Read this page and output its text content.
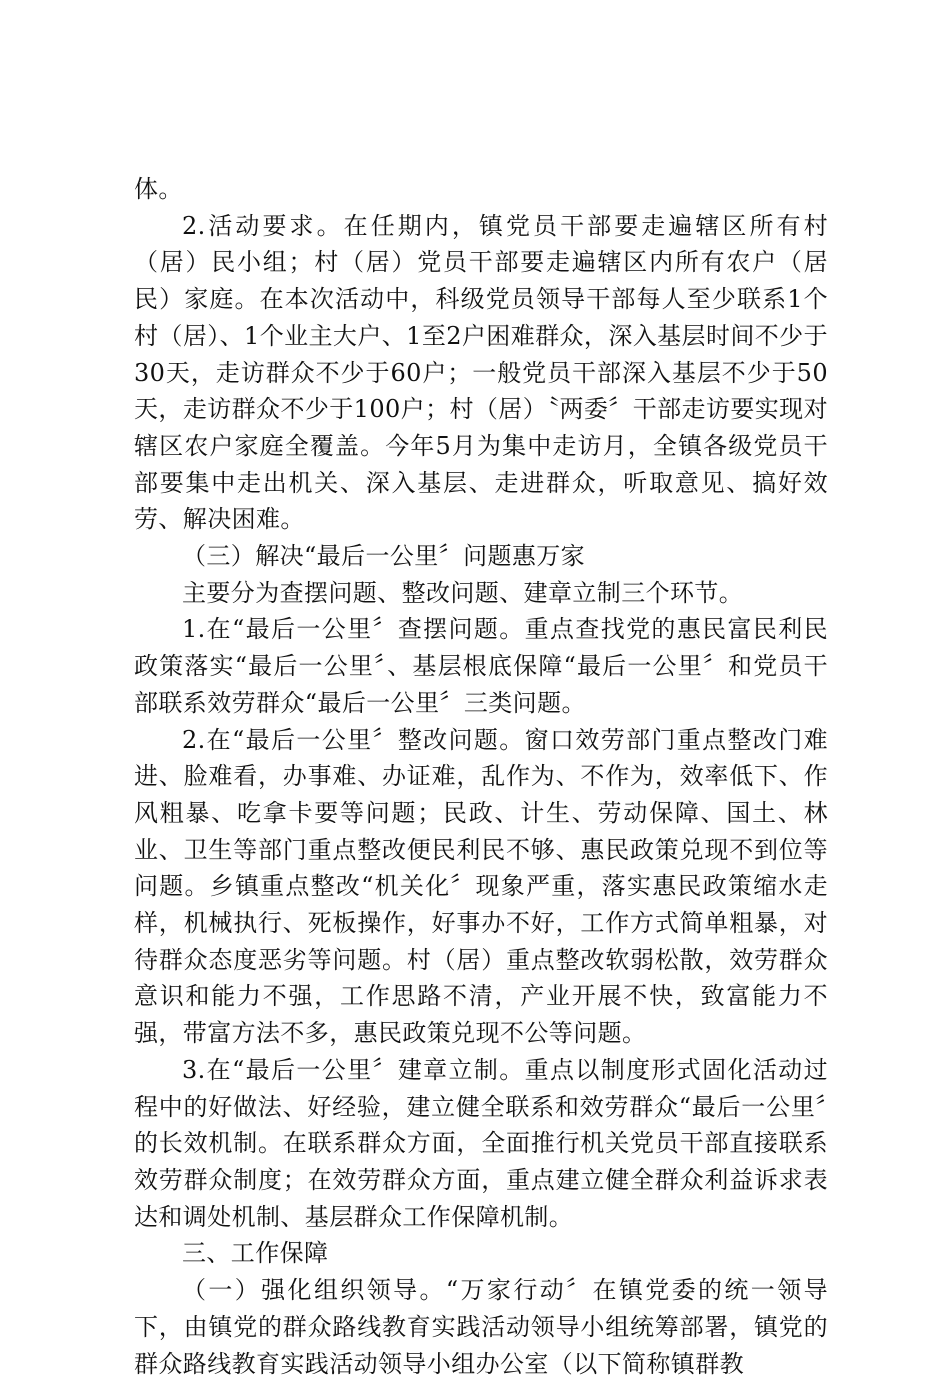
体。

2.活动要求。在任期内，镇党员干部要走遍辖区所有村（居）民小组；村（居）党员干部要走遍辖区内所有农户（居民）家庭。在本次活动中，科级党员领导干部每人至少联系1个村（居）、1个业主大户、1至2户困难群众，深入基层时间不少于30天，走访群众不少于60户；一般党员干部深入基层不少于50天，走访群众不少于100户；村（居）〝两委〞干部走访要实现对辖区农户家庭全覆盖。今年5月为集中走访月，全镇各级党员干部要集中走出机关、深入基层、走进群众，听取意见、搞好效劳、解决困难。

（三）解决“最后一公里〞问题惠万家

主要分为查摆问题、整改问题、建章立制三个环节。

1.在“最后一公里〞查摆问题。重点查找党的惠民富民利民政策落实“最后一公里〞、基层根底保障“最后一公里〞和党员干部联系效劳群众“最后一公里〞三类问题。

2.在“最后一公里〞整改问题。窗口效劳部门重点整改门难进、脸难看，办事难、办证难，乱作为、不作为，效率低下、作风粗暴、吃拿卡要等问题；民政、计生、劳动保障、国土、林业、卫生等部门重点整改便民利民不够、惠民政策兑现不到位等问题。乡镇重点整改“机关化〞现象严重，落实惠民政策缩水走样，机械执行、死板操作，好事办不好，工作方式简单粗暴，对待群众态度恶劣等问题。村（居）重点整改软弱松散，效劳群众意识和能力不强，工作思路不清，产业开展不快，致富能力不强，带富方法不多，惠民政策兑现不公等问题。

3.在“最后一公里〞建章立制。重点以制度形式固化活动过程中的好做法、好经验，建立健全联系和效劳群众“最后一公里〞的长效机制。在联系群众方面，全面推行机关党员干部直接联系效劳群众制度；在效劳群众方面，重点建立健全群众利益诉求表达和调处机制、基层群众工作保障机制。

三、工作保障

（一）强化组织领导。“万家行动〞在镇党委的统一领导下，由镇党的群众路线教育实践活动领导小组统筹部署，镇党的群众路线教育实践活动领导小组办公室（以下简称镇群教
